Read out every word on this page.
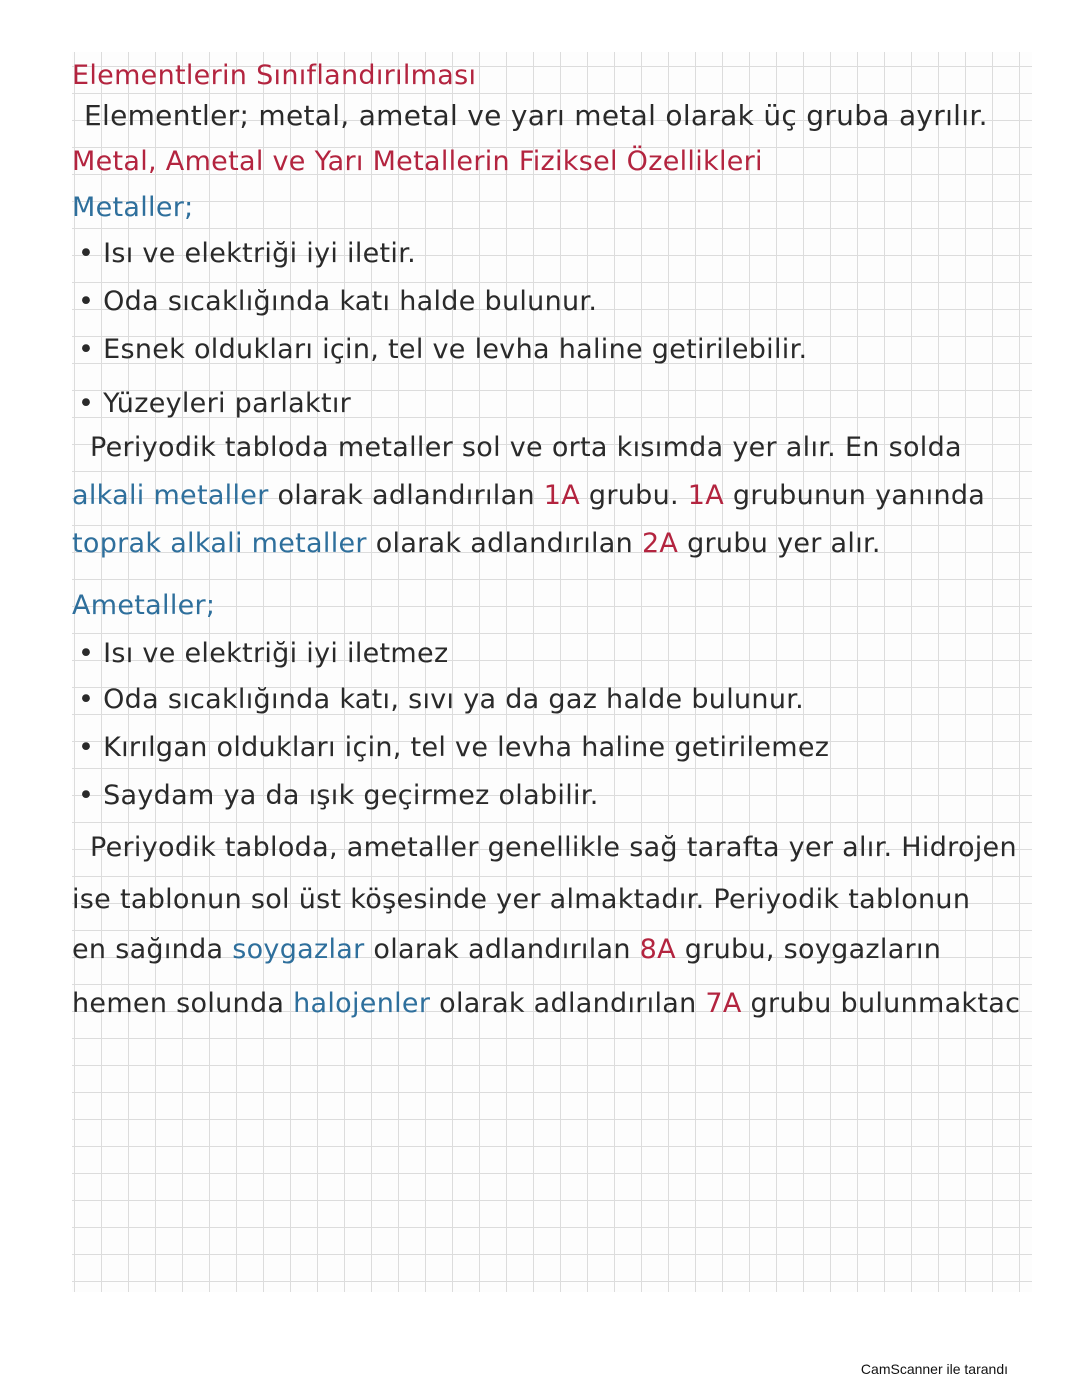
Elementlerin Sınıflandırılması
Elementler; metal, ametal ve yarı metal olarak üç gruba ayrılır.
Metal, Ametal ve Yarı Metallerin Fiziksel Özellikleri
Metaller;
• Isı ve elektriği iyi iletir.
• Oda sıcaklığında katı halde bulunur.
• Esnek oldukları için, tel ve levha haline getirilebilir.
• Yüzeyleri parlaktır
Periyodik tabloda metaller sol ve orta kısımda yer alır. En solda
alkali metaller olarak adlandırılan 1A grubu. 1A grubunun yanında
toprak alkali metaller olarak adlandırılan 2A grubu yer alır.
Ametaller;
• Isı ve elektriği iyi iletmez
• Oda sıcaklığında katı, sıvı ya da gaz halde bulunur.
• Kırılgan oldukları için, tel ve levha haline getirilemez
• Saydam ya da ışık geçirmez olabilir.
Periyodik tabloda, ametaller genellikle sağ tarafta yer alır. Hidrojen
ise tablonun sol üst köşesinde yer almaktadır. Periyodik tablonun
en sağında soygazlar olarak adlandırılan 8A grubu, soygazların
hemen solunda halojenler olarak adlandırılan 7A grubu bulunmaktac
CamScanner ile tarandı
